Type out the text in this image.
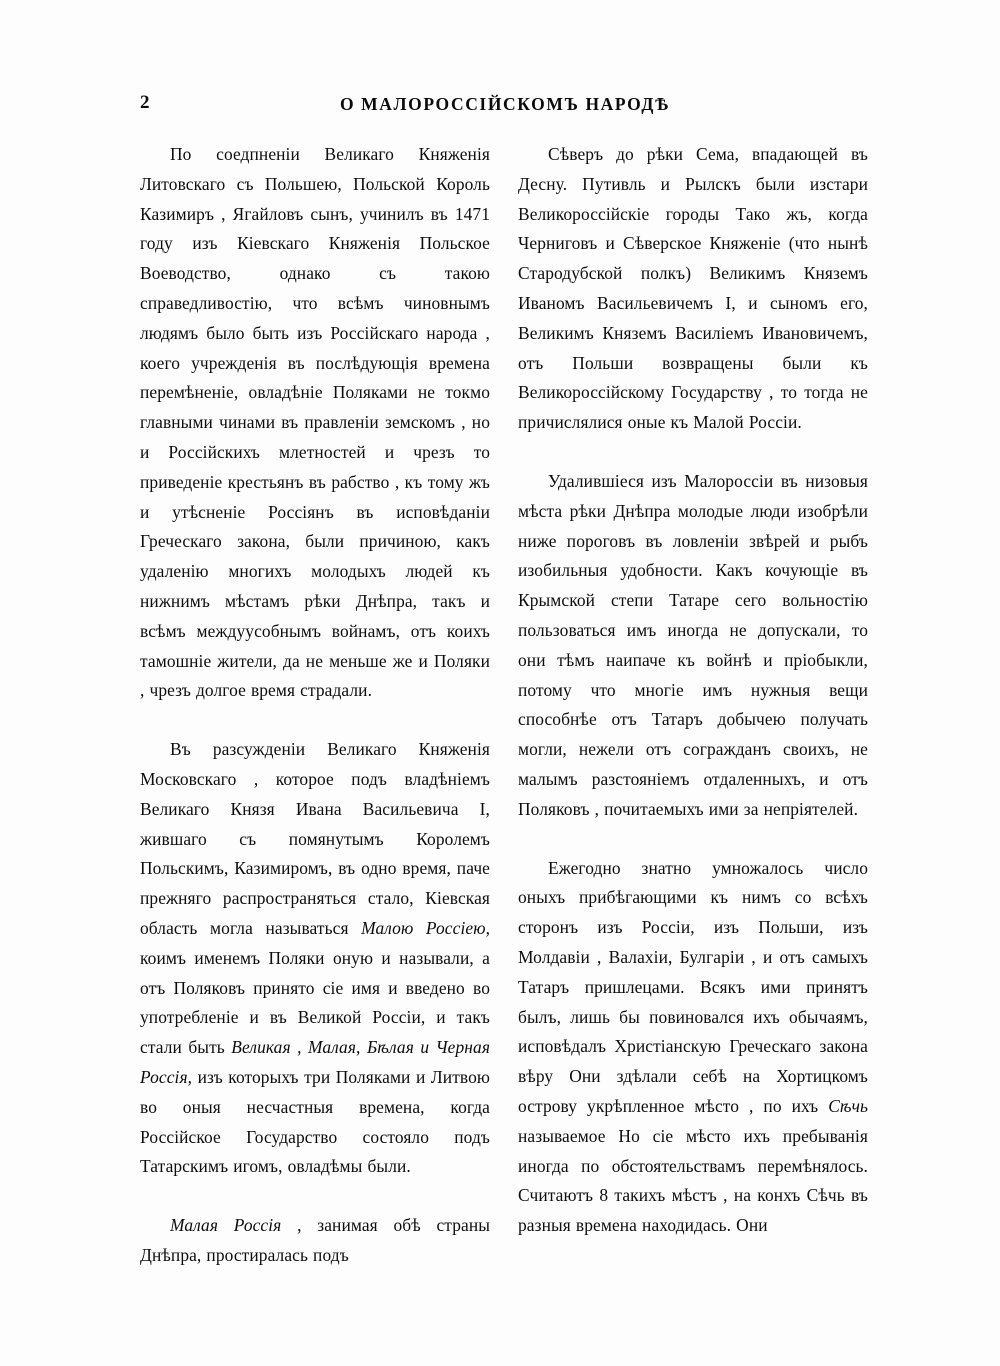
2	О МАЛОРОССІЙСКОМЪ НАРОДѢ

По соедпненіи Великаго Княженія Литовскаго съ Польшею, Польской Король Казимиръ , Ягайловъ сынъ, учинилъ въ 1471 году изъ Кіевскаго Княженія Польское Воеводство, однако съ такою справедливостію, что всѣмъ чиновнымъ людямъ было быть изъ Россійскаго народа , коего учрежденія въ послѣдующія времена перемѣненіе, овладѣніе Поляками не токмо главными чинами въ правленіи земскомъ , но и Россійскихъ млетностей и чрезъ то приведеніе крестьянъ въ рабство , къ тому жъ и утѣсненіе Россіянъ въ исповѣданіи Греческаго закона, были причиною, какъ удаленію многихъ молодыхъ людей къ нижнимъ мѣстамъ рѣки Днѣпра, такъ и всѣмъ междуусобнымъ войнамъ, отъ коихъ тамошніе жители, да не меньше же и Поляки , чрезъ долгое время страдали.

Въ разсужденіи Великаго Княженія Московскаго , которое подъ владѣніемъ Великаго Князя Ивана Васильевича I, жившаго съ помянутымъ Королемъ Польскимъ, Казимиромъ, въ одно время, паче прежняго распространяться стало, Кіевская область могла называться Малою Россіею, коимъ именемъ Поляки оную и называли, а отъ Поляковъ принято сіе имя и введено во употребленіе и въ Великой Россіи, и такъ стали быть Великая , Малая, Бѣлая и Черная Россія, изъ которыхъ три Поляками и Литвою во оныя несчастныя времена, когда Россійское Государство состояло подъ Татарскимъ игомъ, овладѣмы были.

Малая Россія , занимая обѣ страны Днѣпра, простиралась подъ

Сѣверъ до рѣки Сема, впадающей въ Десну. Путивль и Рылскъ были изстари Великороссійскіе городы Тако жъ, когда Черниговъ и Сѣверское Княженіе (что нынѣ Стародубской полкъ) Великимъ Княземъ Иваномъ Васильевичемъ I, и сыномъ его, Великимъ Княземъ Василіемъ Ивановичемъ, отъ Польши возвращены были къ Великороссійскому Государству , то тогда не причислялися оные къ Малой Россіи.

Удалившіеся изъ Малороссіи въ низовыя мѣста рѣки Днѣпра молодые люди изобрѣли ниже пороговъ въ ловленіи звѣрей и рыбъ изобильныя удобности. Какъ кочующіе въ Крымской степи Татаре сего вольностію пользоваться имъ иногда не допускали, то они тѣмъ наипаче къ войнѣ и пріобыкли, потому что многіе имъ нужныя вещи способнѣе отъ Татаръ добычею получать могли, нежели отъ согражданъ своихъ, не малымъ разстояніемъ отдаленныхъ, и отъ Поляковъ , почитаемыхъ ими за непріятелей.

Ежегодно знатно умножалось число оныхъ прибѣгающими къ нимъ со всѣхъ сторонъ изъ Россіи, изъ Польши, изъ Молдавіи , Валахіи, Булгаріи , и отъ самыхъ Татаръ пришлецами. Всякъ ими принятъ былъ, лишь бы повиновался ихъ обычаямъ, исповѣдалъ Христіанскую Греческаго закона вѣру Они здѣлали себѣ на Хортицкомъ острову укрѣпленное мѣсто , по ихъ Сѣчь называемое Но сіе мѣсто ихъ пребыванія иногда по обстоятельствамъ перемѣнялось. Считаютъ 8 такихъ мѣстъ , на конхъ Сѣчь въ разныя времена находидась. Они
